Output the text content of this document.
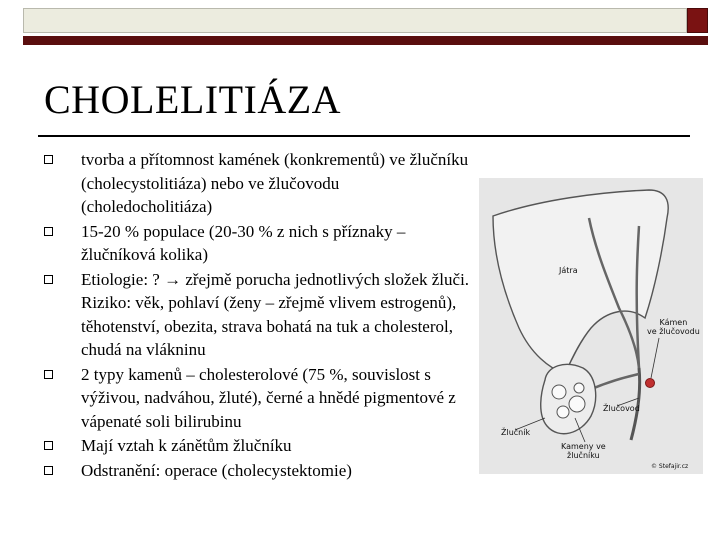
CHOLELITIÁZA
tvorba a přítomnost kamének (konkrementů) ve žlučníku (cholecystolitiáza) nebo ve žlučovodu (choledocholitiáza)
15-20 % populace (20-30 % z nich s příznaky – žlučníková kolika)
Etiologie: ? → zřejmě porucha jednotlivých složek žluči. Riziko: věk, pohlaví (ženy – zřejmě vlivem estrogenů), těhotenství, obezita, strava bohatá na tuk a cholesterol, chudá na vlákninu
2 typy kamenů – cholesterolové (75 %, souvislost s výživou, nadváhou, žluté), černé a hnědé pigmentové z vápenaté soli bilirubinu
Mají vztah k zánětům žlučníku
Odstranění: operace (cholecystektomie)
Játra
Kámen
ve žlučovodu
Žlučovod
Žlučník
Kameny ve
žlučníku
© Stefajir.cz
